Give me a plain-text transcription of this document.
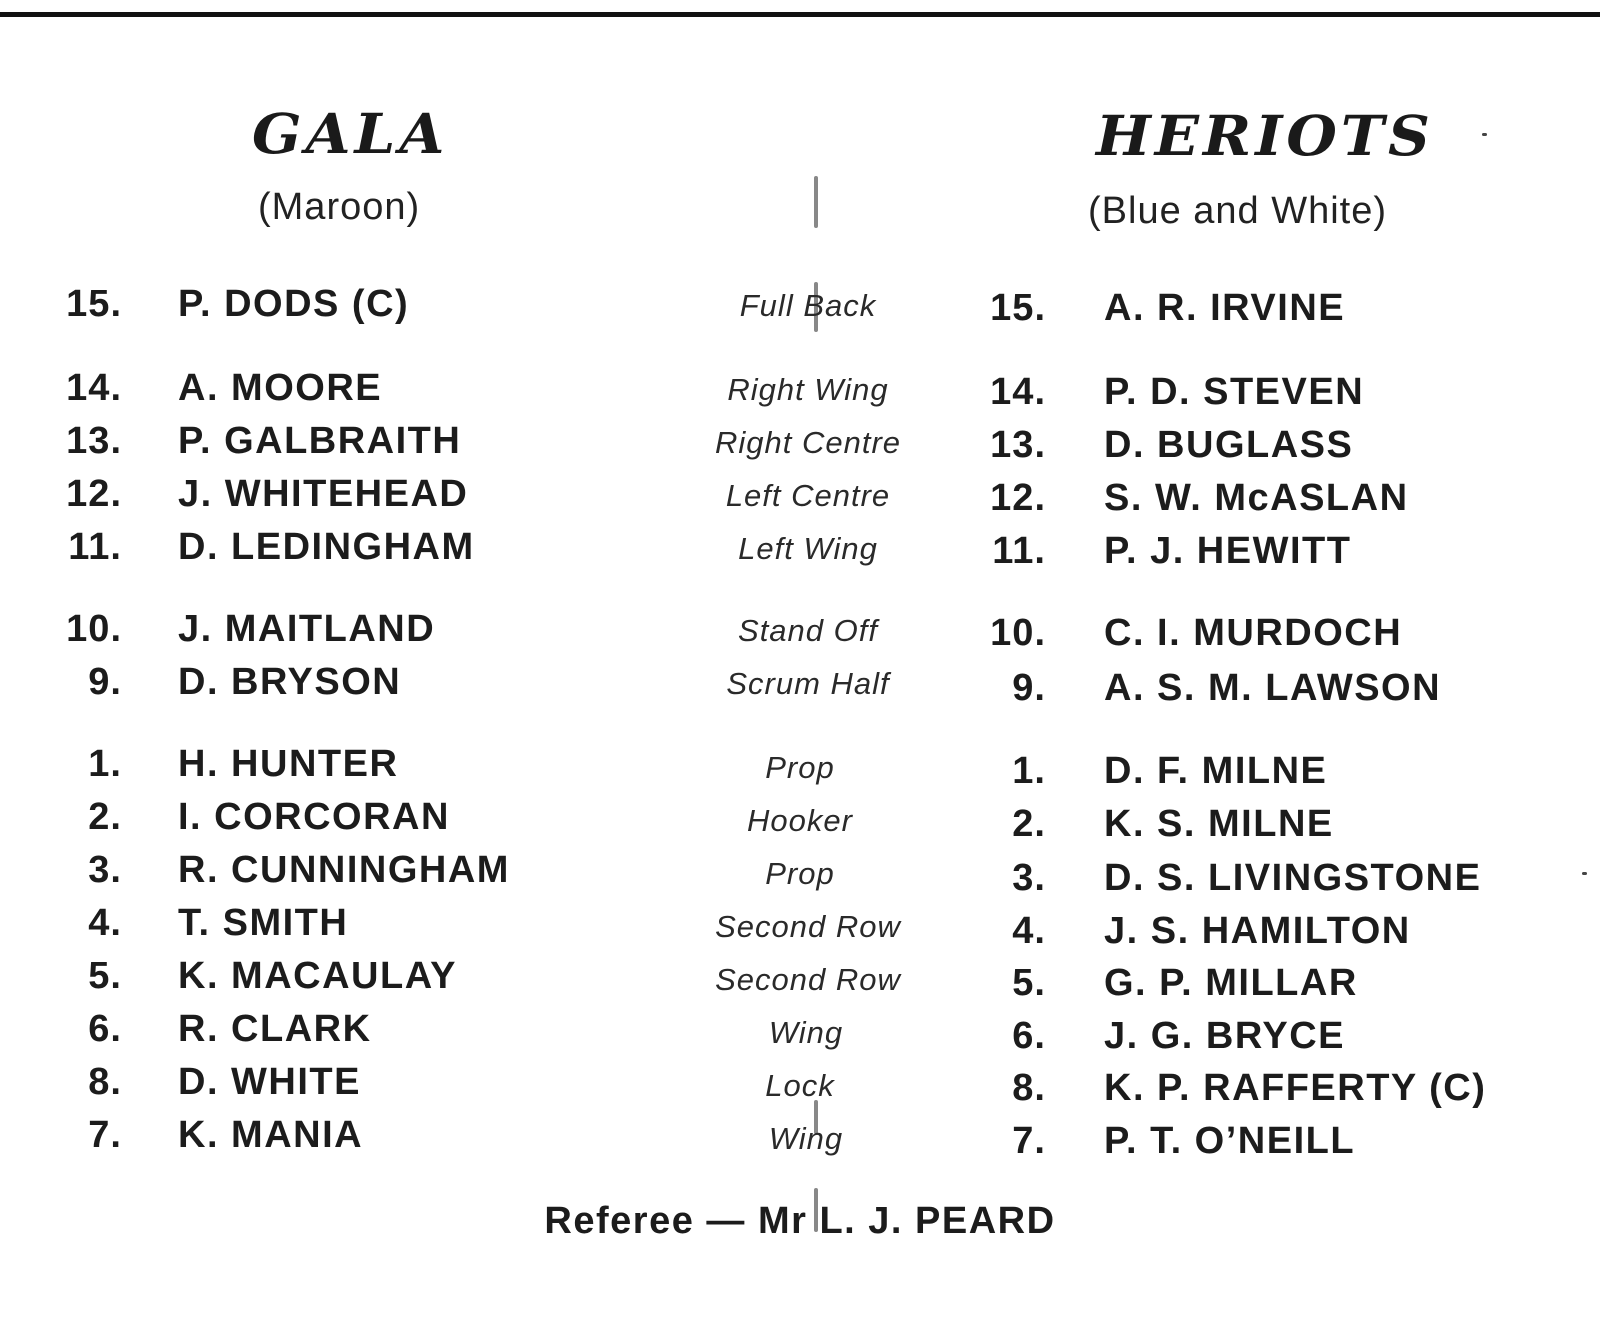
GALA
(Maroon)
HERIOTS
(Blue and White)
15. P. DODS (C)
14. A. MOORE
13. P. GALBRAITH
12. J. WHITEHEAD
11. D. LEDINGHAM
10. J. MAITLAND
9. D. BRYSON
1. H. HUNTER
2. I. CORCORAN
3. R. CUNNINGHAM
4. T. SMITH
5. K. MACAULAY
6. R. CLARK
8. D. WHITE
7. K. MANIA
Full Back
Right Wing
Right Centre
Left Centre
Left Wing
Stand Off
Scrum Half
Prop
Hooker
Prop
Second Row
Second Row
Wing
Lock
Wing
15. A. R. IRVINE
14. P. D. STEVEN
13. D. BUGLASS
12. S. W. McASLAN
11. P. J. HEWITT
10. C. I. MURDOCH
9. A. S. M. LAWSON
1. D. F. MILNE
2. K. S. MILNE
3. D. S. LIVINGSTONE
4. J. S. HAMILTON
5. G. P. MILLAR
6. J. G. BRYCE
8. K. P. RAFFERTY (C)
7. P. T. O’NEILL
Referee — Mr L. J. PEARD
